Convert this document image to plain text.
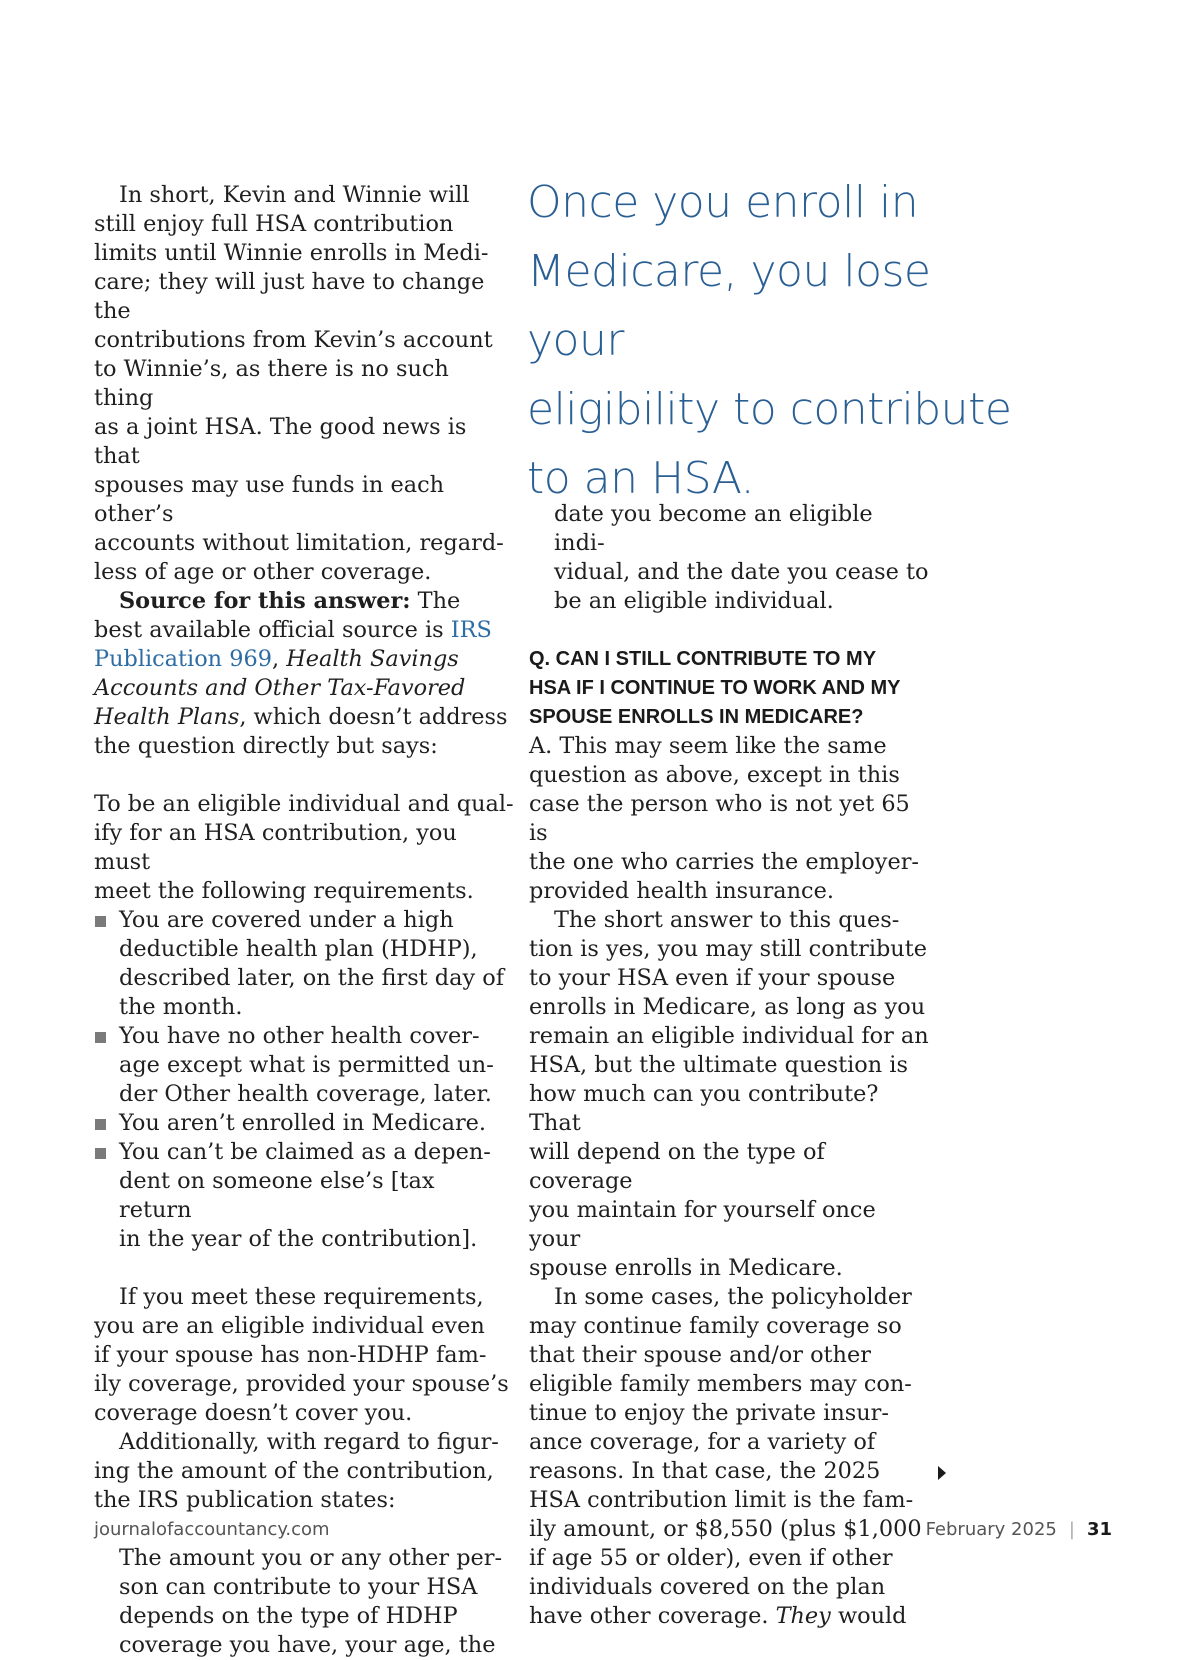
In short, Kevin and Winnie will

still enjoy full HSA contribution

limits until Winnie enrolls in Medi-

care; they will just have to change the

contributions from Kevin’s account

to Winnie’s, as there is no such thing

as a joint HSA. The good news is that

spouses may use funds in each other’s

accounts without limitation, regard-

less of age or other coverage.

Source for this answer: The

best available official source is IRS

Publication 969, Health Savings

Accounts and Other Tax-Favored

Health Plans, which doesn’t address

the question directly but says:

To be an eligible individual and qual-

ify for an HSA contribution, you must

meet the following requirements.

You are covered under a high
deductible health plan (HDHP),
described later, on the first day of
the month.
You have no other health cover-
age except what is permitted un-
der Other health coverage, later.
You aren’t enrolled in Medicare.
You can’t be claimed as a depen-
dent on someone else’s [tax return
in the year of the contribution].

If you meet these requirements,

you are an eligible individual even

if your spouse has non-HDHP fam-

ily coverage, provided your spouse’s

coverage doesn’t cover you.

Additionally, with regard to figur-

ing the amount of the contribution,

the IRS publication states:

The amount you or any other per-

son can contribute to your HSA

depends on the type of HDHP

coverage you have, your age, the

Once you enroll in
Medicare, you lose your
eligibility to contribute
to an HSA.

date you become an eligible indi-

vidual, and the date you cease to

be an eligible individual.

Q. CAN I STILL CONTRIBUTE TO MY

HSA IF I CONTINUE TO WORK AND MY

SPOUSE ENROLLS IN MEDICARE?

A. This may seem like the same

question as above, except in this

case the person who is not yet 65 is

the one who carries the employer-

provided health insurance.

The short answer to this ques-

tion is yes, you may still contribute

to your HSA even if your spouse

enrolls in Medicare, as long as you

remain an eligible individual for an

HSA, but the ultimate question is

how much can you contribute? That

will depend on the type of coverage

you maintain for yourself once your

spouse enrolls in Medicare.

In some cases, the policyholder

may continue family coverage so

that their spouse and/or other

eligible family members may con-

tinue to enjoy the private insur-

ance coverage, for a variety of

reasons. In that case, the 2025

HSA contribution limit is the fam-

ily amount, or $8,550 (plus $1,000

if age 55 or older), even if other

individuals covered on the plan

have other coverage. They would

journalofaccountancy.com	February 2025 | 31
